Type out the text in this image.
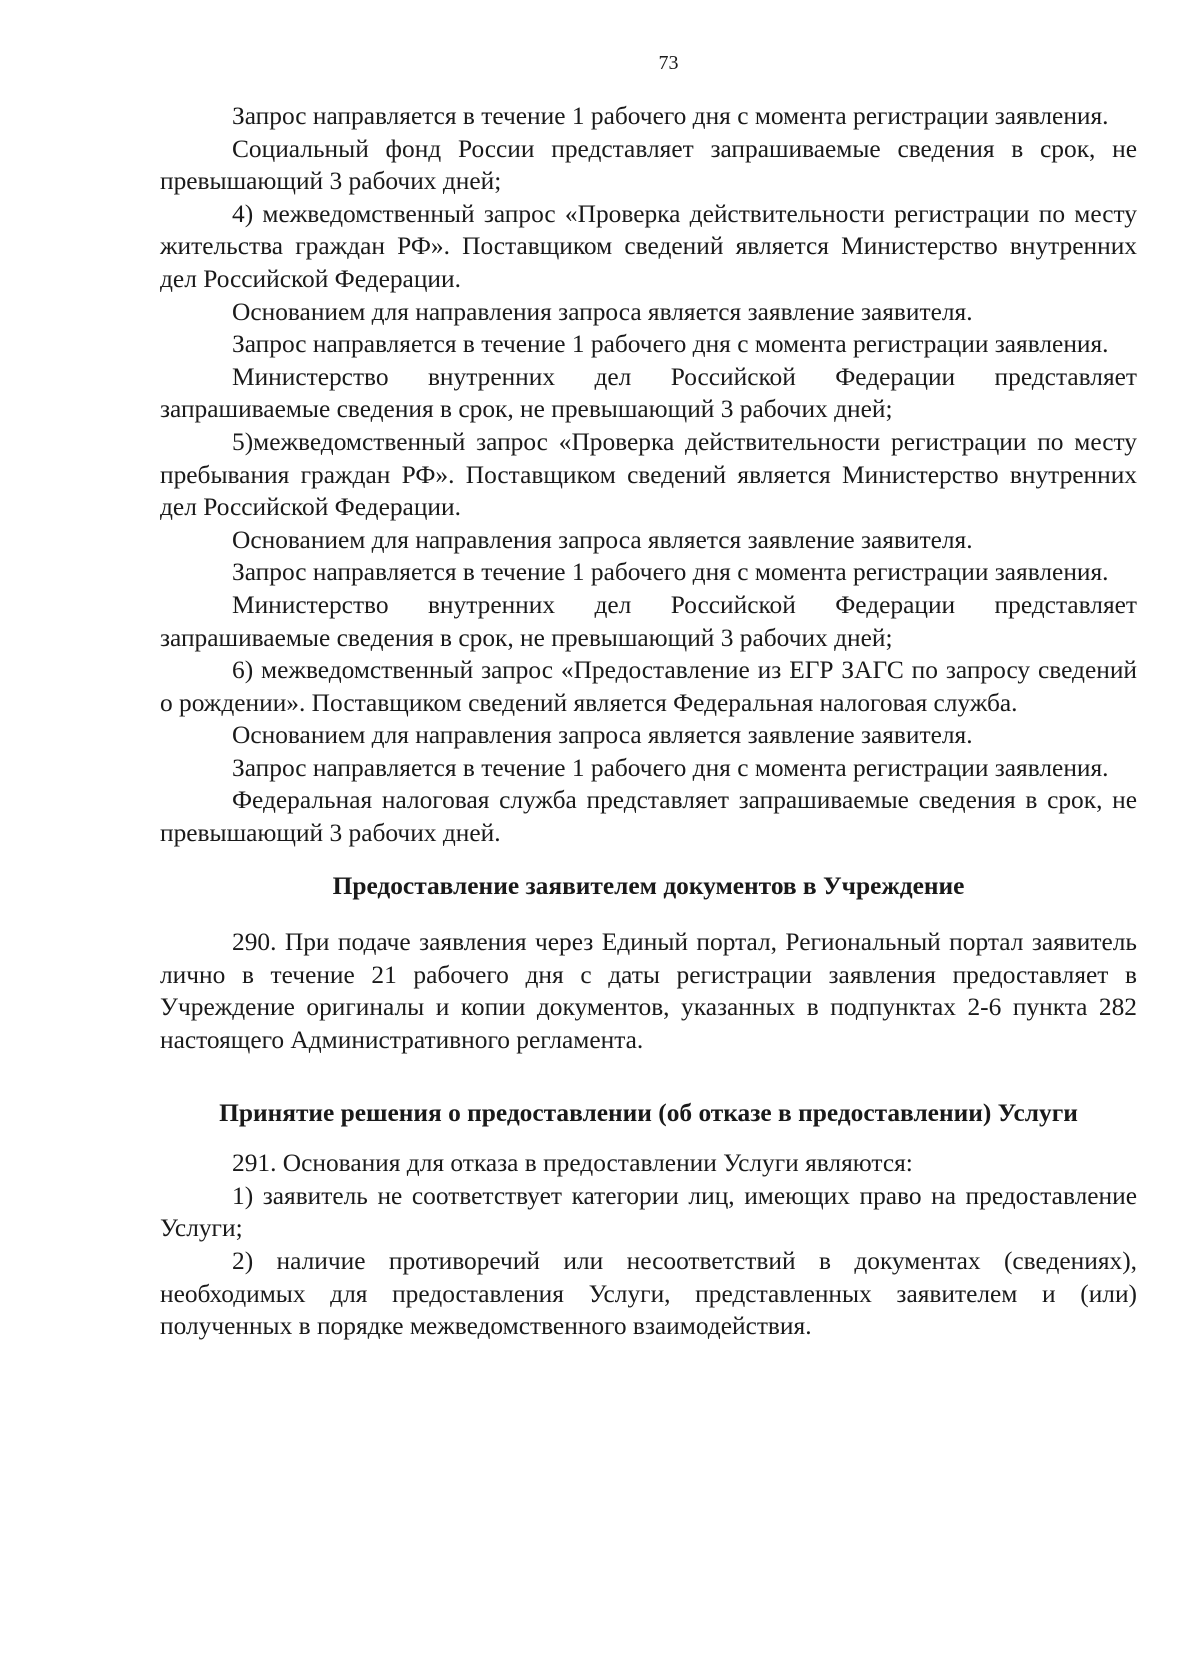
73

Запрос направляется в течение 1 рабочего дня с момента регистрации заявления.

Социальный фонд России представляет запрашиваемые сведения в срок, не превышающий 3 рабочих дней;

4) межведомственный запрос «Проверка действительности регистрации по месту жительства граждан РФ». Поставщиком сведений является Министерство внутренних дел Российской Федерации.

Основанием для направления запроса является заявление заявителя.

Запрос направляется в течение 1 рабочего дня с момента регистрации заявления.

Министерство внутренних дел Российской Федерации представляет запрашиваемые сведения в срок, не превышающий 3 рабочих дней;

5)межведомственный запрос «Проверка действительности регистрации по месту пребывания граждан РФ». Поставщиком сведений является Министерство внутренних дел Российской Федерации.

Основанием для направления запроса является заявление заявителя.

Запрос направляется в течение 1 рабочего дня с момента регистрации заявления.

Министерство внутренних дел Российской Федерации представляет запрашиваемые сведения в срок, не превышающий 3 рабочих дней;

6) межведомственный запрос «Предоставление из ЕГР ЗАГС по запросу сведений о рождении». Поставщиком сведений является Федеральная налоговая служба.

Основанием для направления запроса является заявление заявителя.

Запрос направляется в течение 1 рабочего дня с момента регистрации заявления.

Федеральная налоговая служба представляет запрашиваемые сведения в срок, не превышающий 3 рабочих дней.

Предоставление заявителем документов в Учреждение

290. При подаче заявления через Единый портал, Региональный портал заявитель лично в течение 21 рабочего дня с даты регистрации заявления предоставляет в Учреждение оригиналы и копии документов, указанных в подпунктах 2-6 пункта 282 настоящего Административного регламента.

Принятие решения о предоставлении (об отказе в предоставлении) Услуги

291. Основания для отказа в предоставлении Услуги являются:

1) заявитель не соответствует категории лиц, имеющих право на предоставление Услуги;

2) наличие противоречий или несоответствий в документах (сведениях), необходимых для предоставления Услуги, представленных заявителем и (или) полученных в порядке межведомственного взаимодействия.
